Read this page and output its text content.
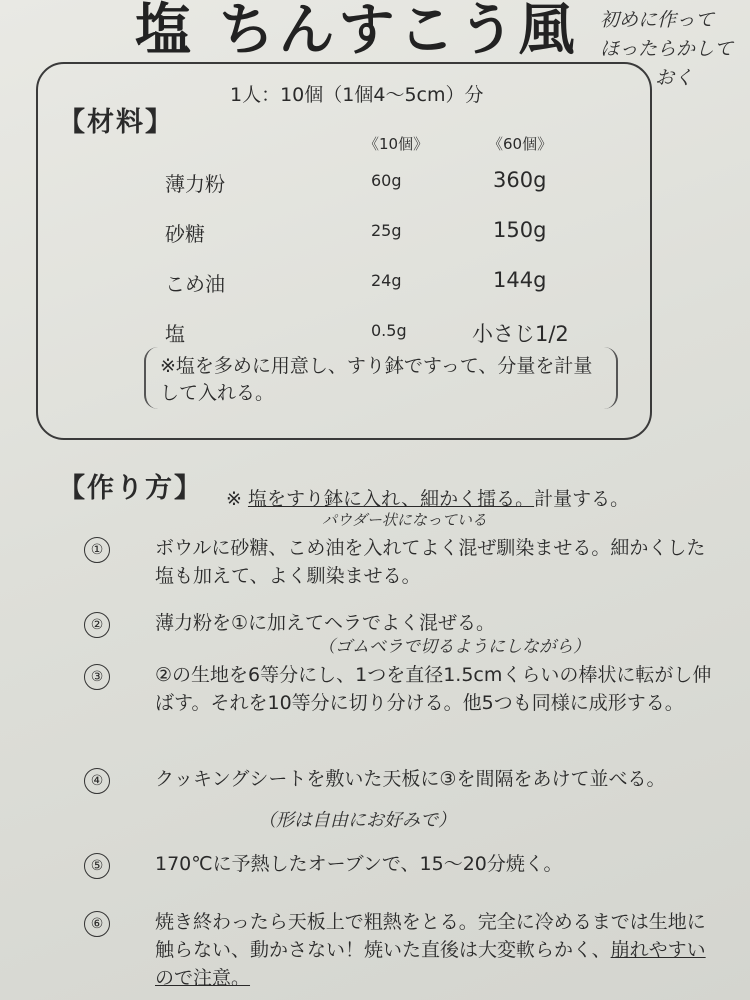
塩 ちんすこう風 初めに作って
ほったらかして
おく
1人：10個（1個4〜5cm）分
【材料】
《10個》	《60個》
薄力粉	60g	360g
砂糖	25g	150g
こめ油	24g	144g
塩	0.5g	小さじ1/2
※塩を多めに用意し、すり鉢ですって、分量を計量して入れる。
【作り方】 ※ 塩をすり鉢に入れ、細かく擂る。計量する。
パウダー状になっている
①	ボウルに砂糖、こめ油を入れてよく混ぜ馴染ませる。細かくした塩も加えて、よく馴染ませる。
②	薄力粉を①に加えてヘラでよく混ぜる。
（ゴムベラで切るようにしながら）
③	②の生地を6等分にし、1つを直径1.5cmくらいの棒状に転がし伸ばす。それを10等分に切り分ける。他5つも同様に成形する。
④	クッキングシートを敷いた天板に③を間隔をあけて並べる。
（形は自由にお好みで）
⑤	170℃に予熱したオーブンで、15〜20分焼く。
⑥	焼き終わったら天板上で粗熱をとる。完全に冷めるまでは生地に触らない、動かさない！焼いた直後は大変軟らかく、崩れやすいので注意。
